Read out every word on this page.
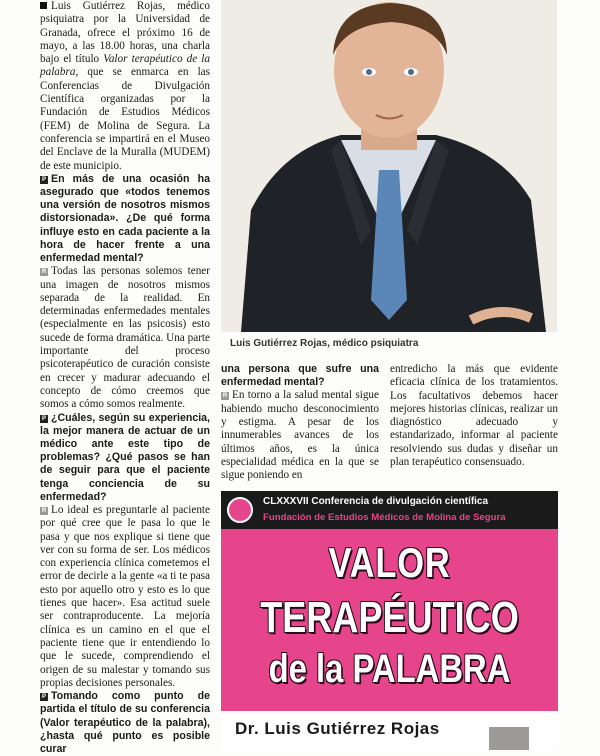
Luis Gutiérrez Rojas, médico psiquiatra por la Universidad de Granada, ofrece el próximo 16 de mayo, a las 18.00 horas, una charla bajo el título Valor terapéutico de la palabra, que se enmarca en las Conferencias de Divulgación Científica organizadas por la Fundación de Estudios Médicos (FEM) de Molina de Segura. La conferencia se impartirá en el Museo del Enclave de la Muralla (MUDEM) de este municipio.

P En más de una ocasión ha asegurado que «todos tenemos una versión de nosotros mismos distorsionada». ¿De qué forma influye esto en cada paciente a la hora de hacer frente a una enfermedad mental?

R Todas las personas solemos tener una imagen de nosotros mismos separada de la realidad. En determinadas enfermedades mentales (especialmente en las psicosis) esto sucede de forma dramática. Una parte importante del proceso psicoterapéutico de curación consiste en crecer y madurar adecuando el concepto de cómo creemos que somos a cómo somos realmente.

P ¿Cuáles, según su experiencia, la mejor manera de actuar de un médico ante este tipo de problemas? ¿Qué pasos se han de seguir para que el paciente tenga conciencia de su enfermedad?

R Lo ideal es preguntarle al paciente por qué cree que le pasa lo que le pasa y que nos explique si tiene que ver con su forma de ser. Los médicos con experiencia clínica cometemos el error de decirle a la gente «a ti te pasa esto por aquello otro y esto es lo que tienes que hacer». Esa actitud suele ser contraproducente. La mejoría clínica es un camino en el que el paciente tiene que ir entendiendo lo que le sucede, comprendiendo el origen de su malestar y tomando sus propias decisiones personales.

P Tomando como punto de partida el título de su conferencia (Valor terapéutico de la palabra), ¿hasta qué punto es posible curar

Luis Gutiérrez Rojas, médico psiquiatra

una persona que sufre una enfermedad mental?

R En torno a la salud mental sigue habiendo mucho desconocimiento y estigma. A pesar de los innumerables avances de los últimos años, es la única especialidad médica en la que se sigue poniendo en

entredicho la más que evidente eficacia clínica de los tratamientos. Los facultativos debemos hacer mejores historias clínicas, realizar un diagnóstico adecuado y estandarizado, informar al paciente resolviendo sus dudas y diseñar un plan terapéutico consensuado.

CLXXXVII Conferencia de divulgación científica
Fundación de Estudios Médicos de Molina de Segura
VALOR
TERAPÉUTICO
de la PALABRA
Dr. Luis Gutiérrez Rojas
